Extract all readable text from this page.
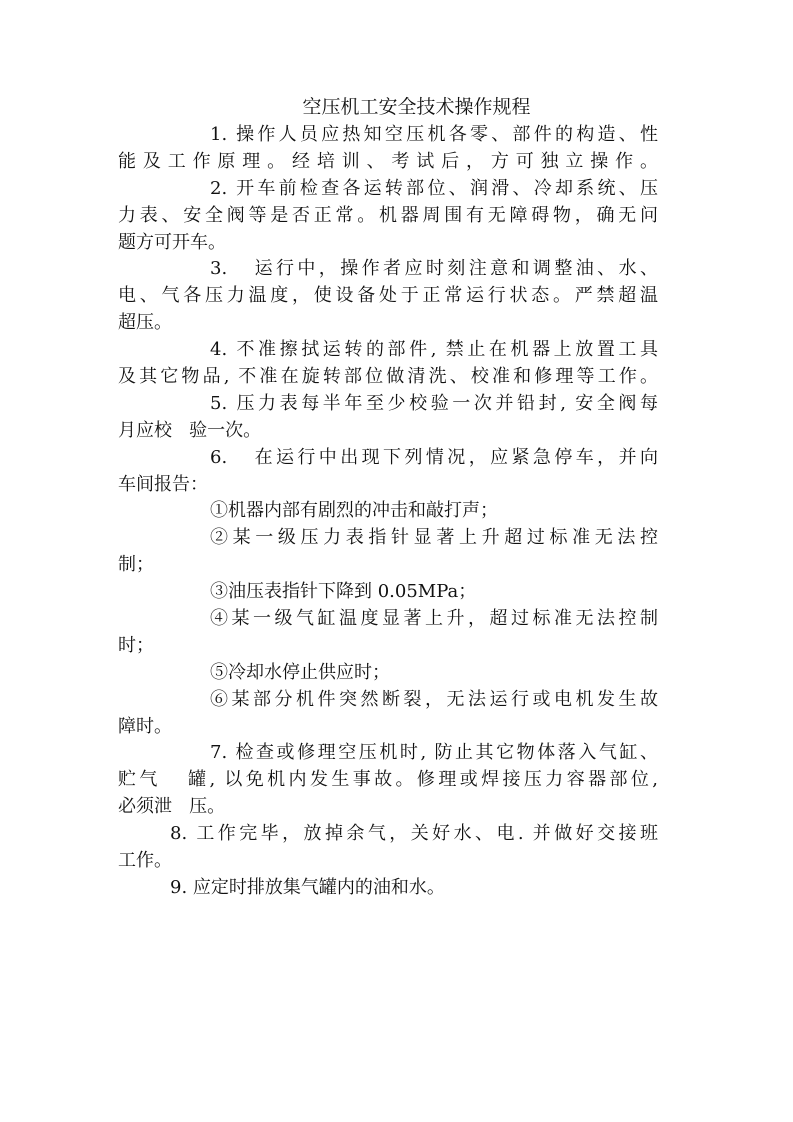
空压机工安全技术操作规程
1. 操作人员应热知空压机各零、部件的构造、性
能及工作原理。经培训、考试后，方可独立操作。
2. 开车前检查各运转部位、润滑、冷却系统、压
力表、安全阀等是否正常。机器周围有无障碍物，确无问
题方可开车。
3.   运行中，操作者应时刻注意和调整油、水、
电、气各压力温度，使设备处于正常运行状态。严禁超温
超压。
4. 不准擦拭运转的部件, 禁止在机器上放置工具
及其它物品, 不准在旋转部位做清洗、校准和修理等工作。
5. 压力表每半年至少校验一次并铅封, 安全阀每
月应校   验一次。
6.   在运行中出现下列情况，应紧急停车，并向
车间报告：
①机器内部有剧烈的冲击和敲打声；
②某一级压力表指针显著上升超过标准无法控
制；
③油压表指针下降到 0.05MPa；
④某一级气缸温度显著上升，超过标准无法控制
时；
⑤冷却水停止供应时；
⑥某部分机件突然断裂，无法运行或电机发生故
障时。
7. 检查或修理空压机时, 防止其它物体落入气缸、
贮气   罐, 以免机内发生事故。修理或焊接压力容器部位,
必须泄   压。
8. 工作完毕，放掉余气，关好水、电. 并做好交接班
工作。
9. 应定时排放集气罐内的油和水。
